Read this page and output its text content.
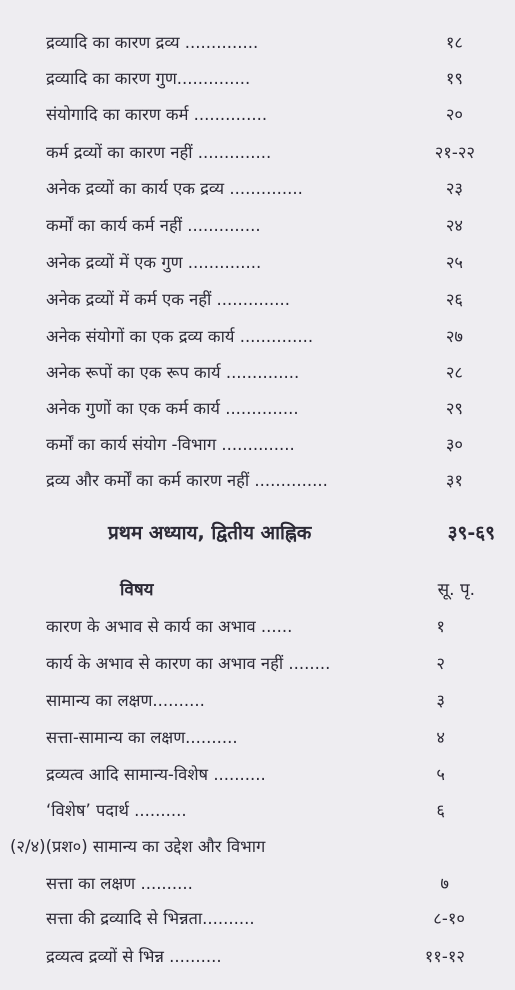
द्रव्यादि का कारण द्रव्य ..............	१८
द्रव्यादि का कारण गुण..............	१९
संयोगादि का कारण कर्म ..............	२०
कर्म द्रव्यों का कारण नहीं ..............	२१-२२
अनेक द्रव्यों का कार्य एक द्रव्य ..............	२३
कर्मों का कार्य कर्म नहीं ..............	२४
अनेक द्रव्यों में एक गुण ..............	२५
अनेक द्रव्यों में कर्म एक नहीं ..............	२६
अनेक संयोगों का एक द्रव्य कार्य ..............	२७
अनेक रूपों का एक रूप कार्य ..............	२८
अनेक गुणों का एक कर्म कार्य ..............	२९
कर्मों का कार्य संयोग -विभाग ..............	३०
द्रव्य और कर्मों का कर्म कारण नहीं ..............	३१
प्रथम अध्याय, द्वितीय आह्निक	३९-६९
विषय	सू. पृ.
कारण के अभाव से कार्य का अभाव ......	१
कार्य के अभाव से कारण का अभाव नहीं ........	२
सामान्य का लक्षण..........	३
सत्ता-सामान्य का लक्षण..........	४
द्रव्यत्व आदि सामान्य-विशेष ..........	५
‘विशेष’ पदार्थ ..........	६
(२/४)(प्रश०) सामान्य का उद्देश और विभाग
सत्ता का लक्षण ..........	७
सत्ता की द्रव्यादि से भिन्नता..........	८-१०
द्रव्यत्व द्रव्यों से भिन्न ..........	११-१२
